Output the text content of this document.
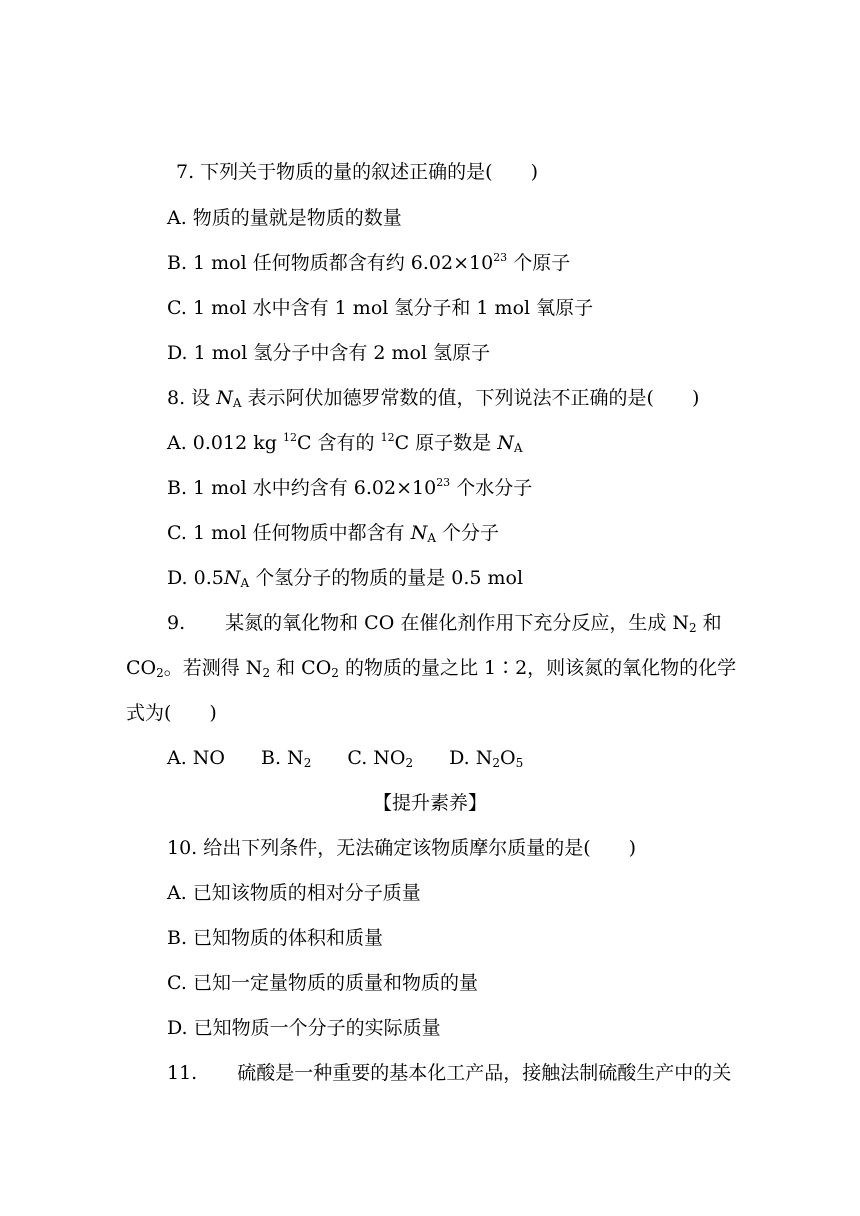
7. 下列关于物质的量的叙述正确的是(　　)
A. 物质的量就是物质的数量
B. 1 mol 任何物质都含有约 $6.02\times 10^{23}$ 个原子
C. 1 mol 水中含有 1 mol 氢分子和 1 mol 氧原子
D. 1 mol 氢分子中含有 2 mol 氢原子
8. 设 $N_A$ 表示阿伏加德罗常数的值，下列说法不正确的是(　　)
A. 0.012 kg $^{12}$C 含有的 $^{12}$C 原子数是 $N_A$
B. 1 mol 水中约含有 $6.02\times 10^{23}$ 个水分子
C. 1 mol 任何物质中都含有 $N_A$ 个分子
D. $0.5N_A$ 个氢分子的物质的量是 0.5 mol
9. 某氮的氧化物和 CO 在催化剂作用下充分反应，生成 $N_2$ 和
$CO_2$。若测得 $N_2$ 和 $CO_2$ 的物质的量之比 1∶2，则该氮的氧化物的化学
式为(　　)
A. NO B. $N_2$ C. $NO_2$ D. $N_2O_5$
【提升素养】
10. 给出下列条件，无法确定该物质摩尔质量的是(　　)
A. 已知该物质的相对分子质量
B. 已知物质的体积和质量
C. 已知一定量物质的质量和物质的量
D. 已知物质一个分子的实际质量
11. 硫酸是一种重要的基本化工产品，接触法制硫酸生产中的关
